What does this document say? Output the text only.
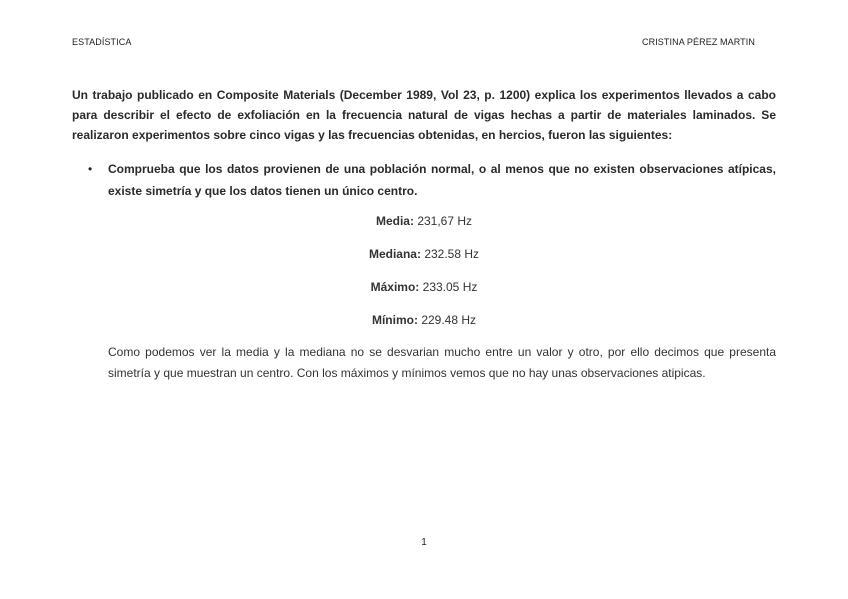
ESTADÍSTICA	CRISTINA PÉREZ MARTIN
Un trabajo publicado en Composite Materials (December 1989, Vol 23, p. 1200) explica los experimentos llevados a cabo para describir el efecto de exfoliación en la frecuencia natural de vigas hechas a partir de materiales laminados. Se realizaron experimentos sobre cinco vigas y las frecuencias obtenidas, en hercios, fueron las siguientes:
• Comprueba que los datos provienen de una población normal, o al menos que no existen observaciones atípicas, existe simetría y que los datos tienen un único centro.
Media: 231,67 Hz
Mediana: 232.58 Hz
Máximo: 233.05 Hz
Mínimo: 229.48 Hz
Como podemos ver la media y la mediana no se desvarian mucho entre un valor y otro, por ello decimos que presenta simetría y que muestran un centro. Con los máximos y mínimos vemos que no hay unas observaciones atipicas.
1
